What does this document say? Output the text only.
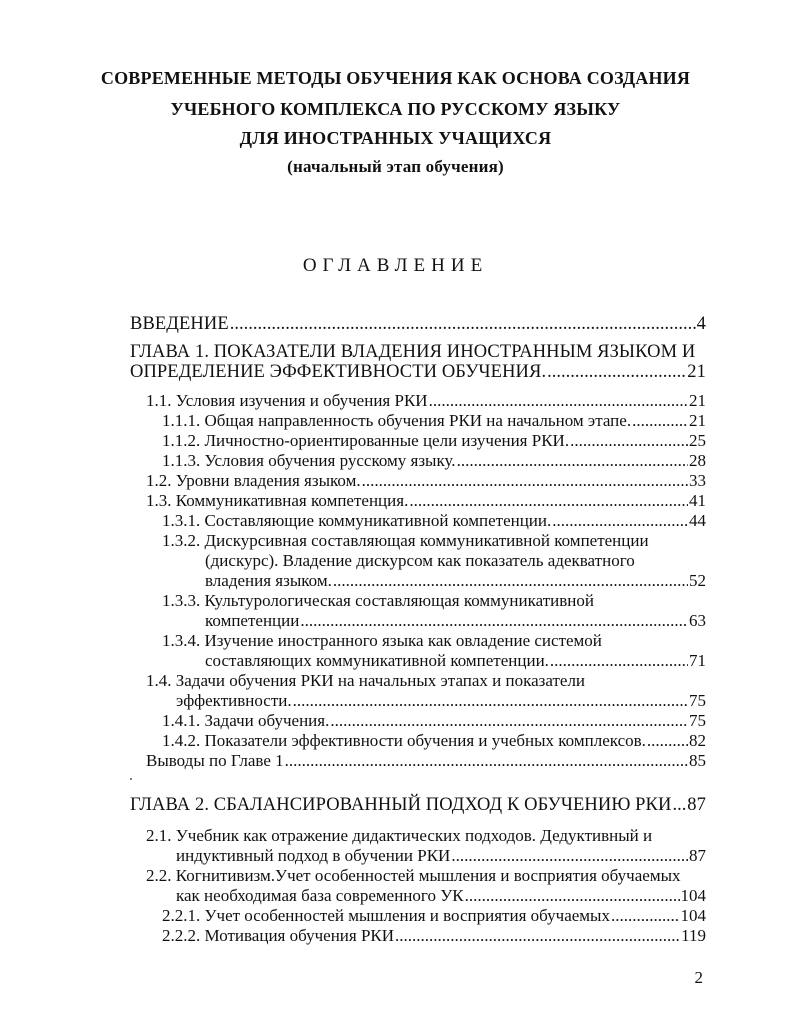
СОВРЕМЕННЫЕ МЕТОДЫ ОБУЧЕНИЯ КАК ОСНОВА СОЗДАНИЯ
УЧЕБНОГО КОМПЛЕКСА ПО РУССКОМУ ЯЗЫКУ
ДЛЯ ИНОСТРАННЫХ УЧАЩИХСЯ
(начальный этап обучения)
ОГЛАВЛЕНИЕ
ВВЕДЕНИЕ .....	4
ГЛАВА 1. ПОКАЗАТЕЛИ ВЛАДЕНИЯ ИНОСТРАННЫМ ЯЗЫКОМ И
ОПРЕДЕЛЕНИЕ ЭФФЕКТИВНОСТИ ОБУЧЕНИЯ. .....	21
1.1. Условия изучения и обучения РКИ .....	21
1.1.1. Общая направленность обучения РКИ на начальном этапе. .....	21
1.1.2. Личностно-ориентированные цели изучения РКИ. .....	25
1.1.3. Условия обучения русскому языку. .....	28
1.2. Уровни владения языком. .....	33
1.3. Коммуникативная компетенция. .....	41
1.3.1. Составляющие коммуникативной компетенции. .....	44
1.3.2. Дискурсивная составляющая коммуникативной компетенции
(дискурс). Владение дискурсом как показатель адекватного
владения языком. .....	52
1.3.3. Культурологическая составляющая коммуникативной
компетенции .....	63
1.3.4. Изучение иностранного языка как овладение системой
составляющих коммуникативной компетенции. .....	71
1.4. Задачи обучения РКИ на начальных этапах и показатели
эффективности. .....	75
1.4.1. Задачи обучения. .....	75
1.4.2. Показатели эффективности обучения и учебных комплексов. .....	82
Выводы по Главе 1 .....	85
ГЛАВА 2. СБАЛАНСИРОВАННЫЙ ПОДХОД К ОБУЧЕНИЮ РКИ ..... 87
2.1. Учебник как отражение дидактических подходов. Дедуктивный и
индуктивный подход в обучении РКИ .....	87
2.2. Когнитивизм.Учет особенностей мышления и восприятия обучаемых
как необходимая база современного УК .....	104
2.2.1. Учет особенностей мышления и восприятия обучаемых .....	104
2.2.2. Мотивация обучения РКИ .....	119
2
